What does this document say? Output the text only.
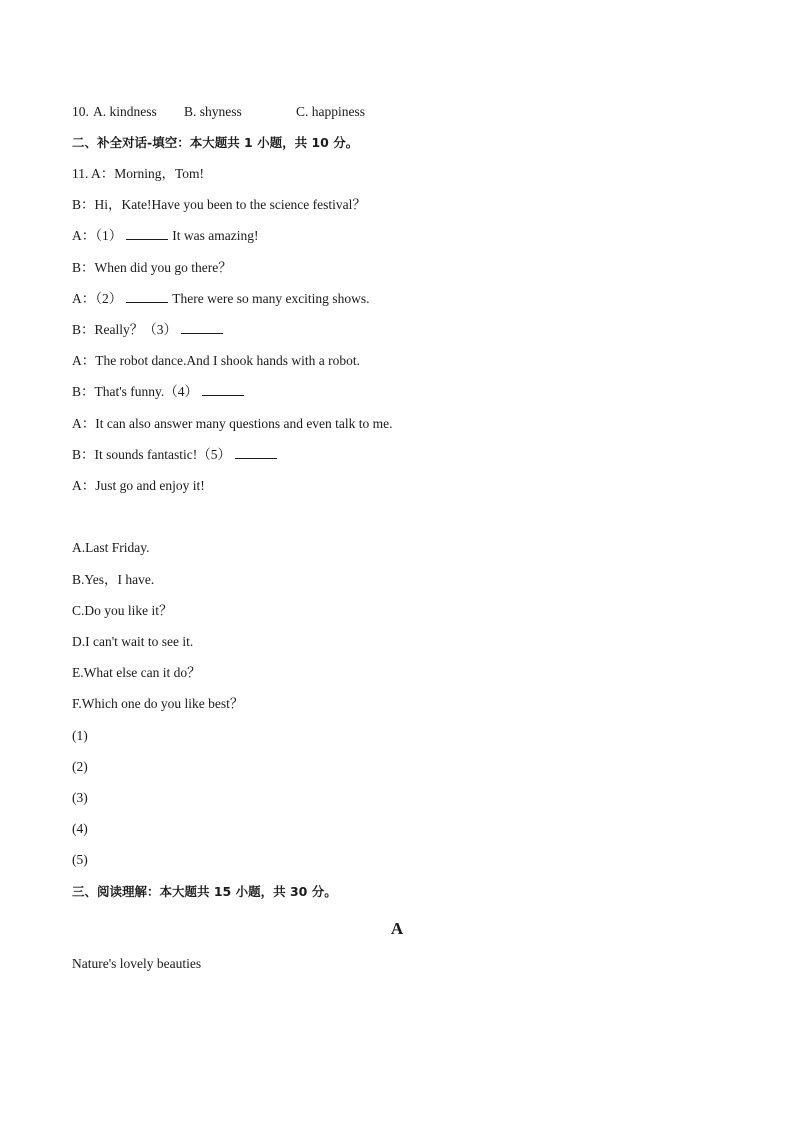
10. A. kindness B. shyness	C. happiness
二、补全对话-填空：本大题共 1 小题，共 10 分。
11. A：Morning，Tom!
B：Hi，Kate!Have you been to the science festival？
A：（1）	It was amazing!
B：When did you go there？
A：（2）	There were so many exciting shows.
B：Really？（3）
A：The robot dance.And I shook hands with a robot.
B：That's funny.（4）
A：It can also answer many questions and even talk to me.
B：It sounds fantastic!（5）
A：Just go and enjoy it!
A.Last Friday.
B.Yes，I have.
C.Do you like it？
D.I can't wait to see it.
E.What else can it do？
F.Which one do you like best？
(1)
(2)
(3)
(4)
(5)
三、阅读理解：本大题共 15 小题，共 30 分。
A
Nature's lovely beauties
